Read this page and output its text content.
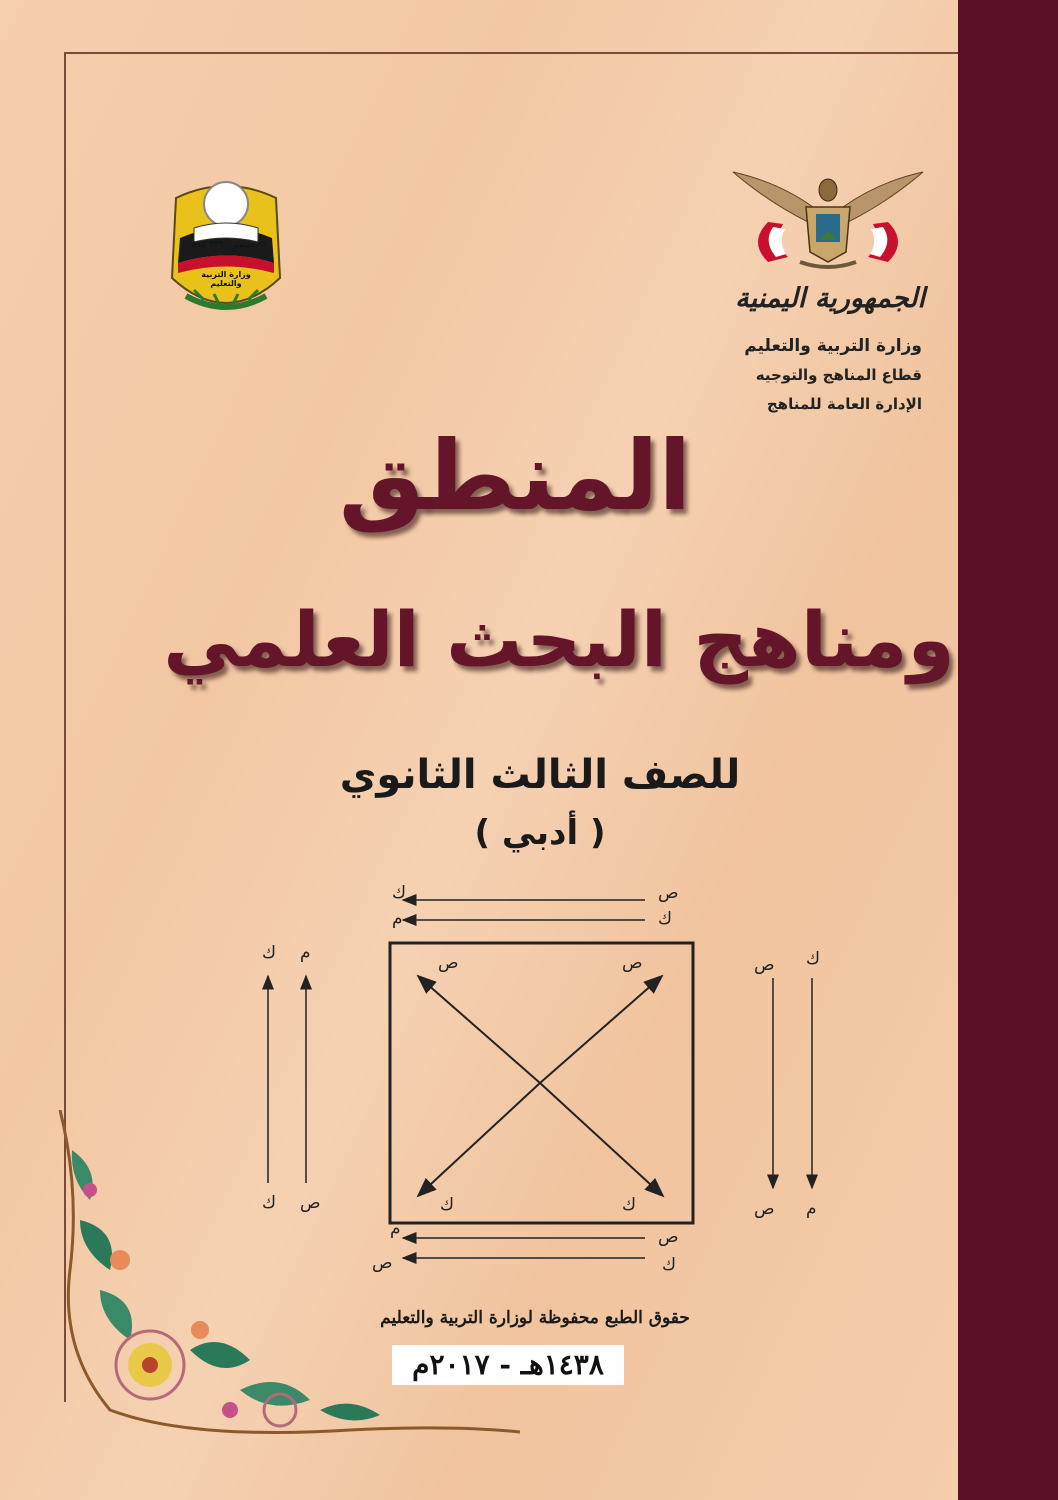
الجمهورية اليمنية
وزارة التربية والتعليم
قطاع المناهج والتوجيه
الإدارة العامة للمناهج
٢٣٩ ٨٤٥ ٢٦ سبتمبر
وزارة التربية والتعليم
المنطق
ومناهج البحث العلمي
للصف الثالث الثانوي
( أدبي )
ص
ك
ك
م
ص	ص
ك	ك
ك
ك
م
ص
ص
ص
ك
م
ص
م
ك
ص
حقوق الطبع محفوظة لوزارة التربية والتعليم
١٤٣٨هـ - ٢٠١٧م
